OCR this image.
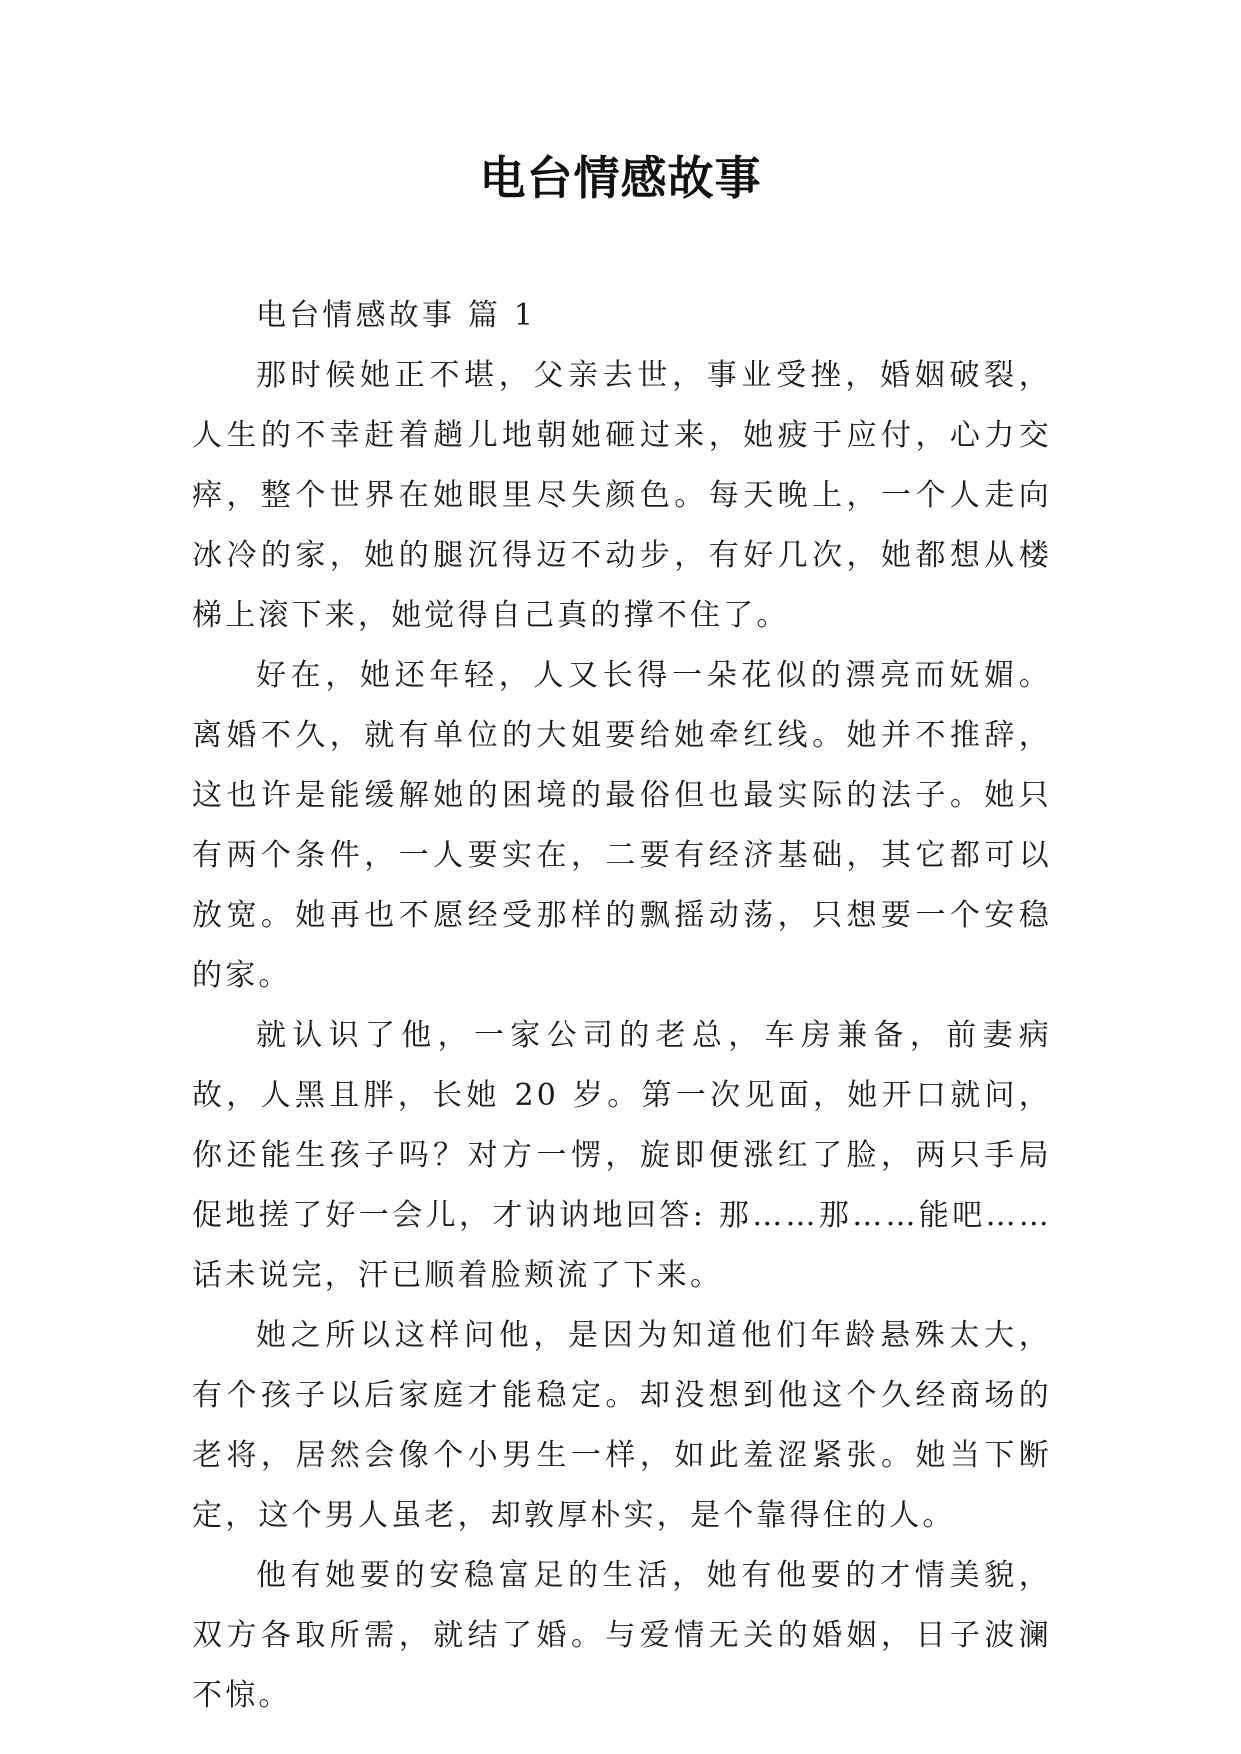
电台情感故事

电台情感故事 篇 1

那时候她正不堪，父亲去世，事业受挫，婚姻破裂，人生的不幸赶着趟儿地朝她砸过来，她疲于应付，心力交瘁，整个世界在她眼里尽失颜色。每天晚上，一个人走向冰冷的家，她的腿沉得迈不动步，有好几次，她都想从楼梯上滚下来，她觉得自己真的撑不住了。

好在，她还年轻，人又长得一朵花似的漂亮而妩媚。离婚不久，就有单位的大姐要给她牵红线。她并不推辞，这也许是能缓解她的困境的最俗但也最实际的法子。她只有两个条件，一人要实在，二要有经济基础，其它都可以放宽。她再也不愿经受那样的飘摇动荡，只想要一个安稳的家。

就认识了他，一家公司的老总，车房兼备，前妻病故，人黑且胖，长她 20 岁。第一次见面，她开口就问，你还能生孩子吗？对方一愣，旋即便涨红了脸，两只手局促地搓了好一会儿，才讷讷地回答: 那……那……能吧……话未说完，汗已顺着脸颊流了下来。

她之所以这样问他，是因为知道他们年龄悬殊太大，有个孩子以后家庭才能稳定。却没想到他这个久经商场的老将，居然会像个小男生一样，如此羞涩紧张。她当下断定，这个男人虽老，却敦厚朴实，是个靠得住的人。

他有她要的安稳富足的生活，她有他要的才情美貌，双方各取所需，就结了婚。与爱情无关的婚姻，日子波澜不惊。
